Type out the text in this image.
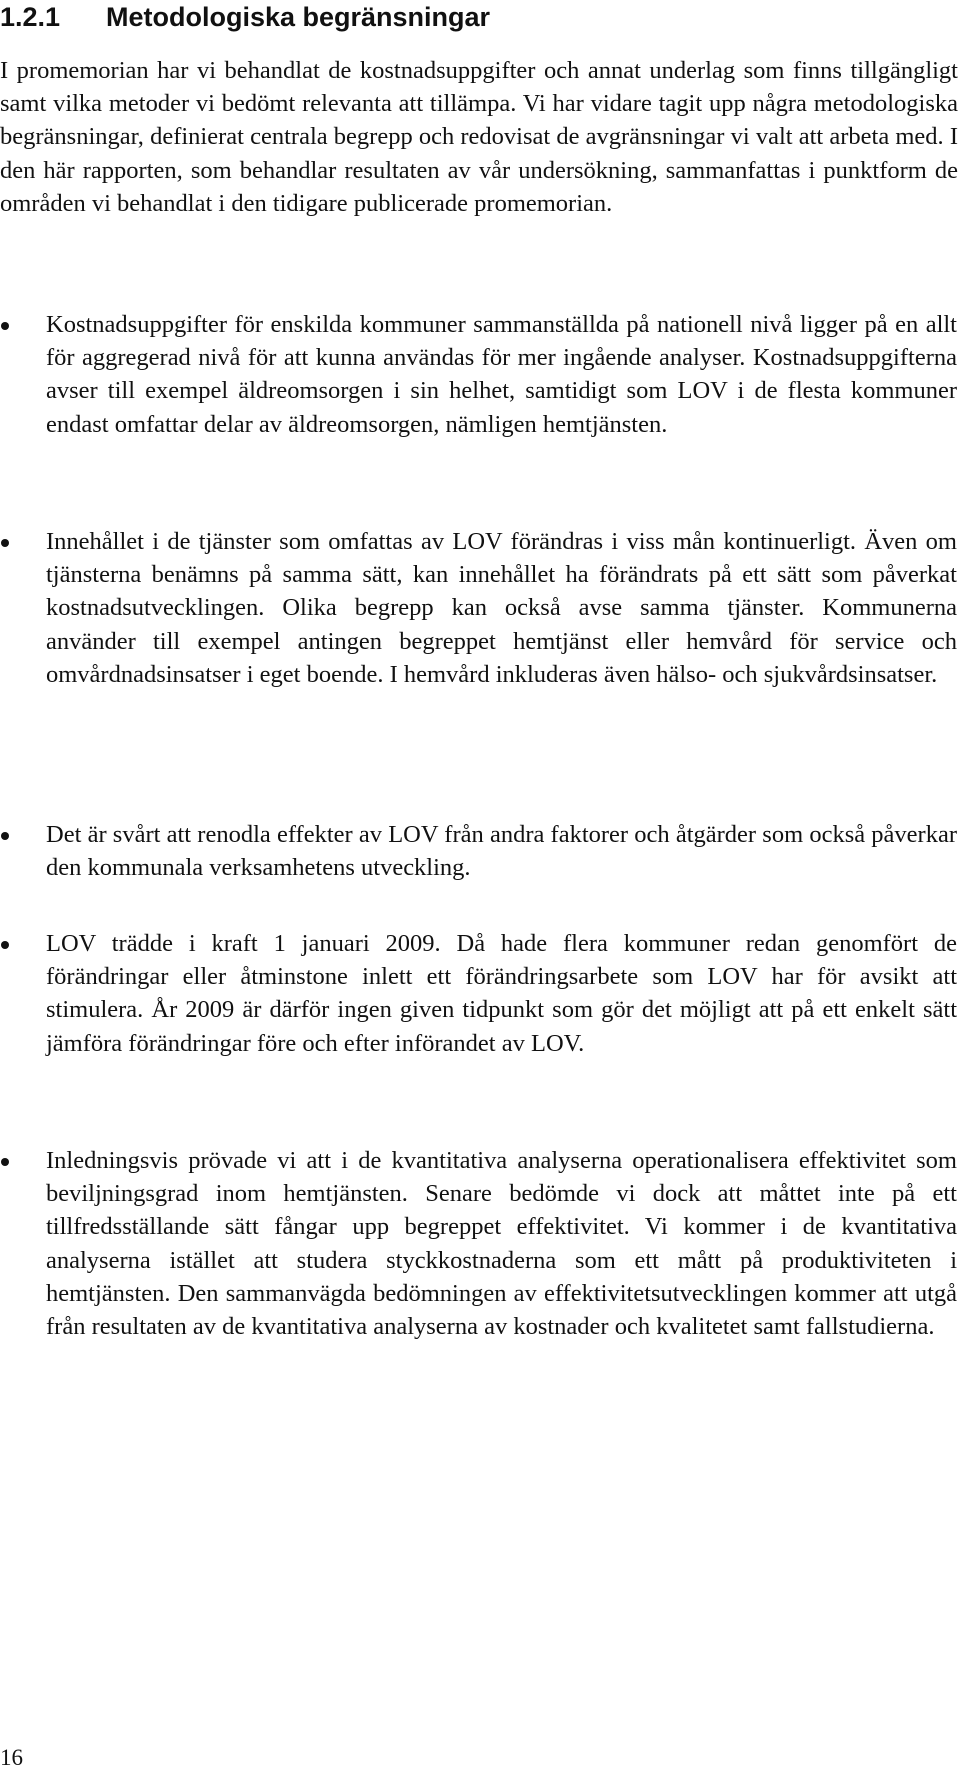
1.2.1 Metodologiska begränsningar

I promemorian har vi behandlat de kostnadsuppgifter och annat underlag som finns tillgängligt samt vilka metoder vi bedömt relevanta att tillämpa. Vi har vidare tagit upp några metodologiska begränsningar, definierat centrala begrepp och redovisat de avgränsningar vi valt att arbeta med. I den här rapporten, som behandlar resultaten av vår undersökning, sammanfattas i punktform de områden vi behandlat i den tidigare publicerade promemorian.

Kostnadsuppgifter för enskilda kommuner sammanställda på nationell nivå ligger på en allt för aggregerad nivå för att kunna användas för mer ingående analyser. Kostnadsuppgifterna avser till exempel äldreomsorgen i sin helhet, samtidigt som LOV i de flesta kommuner endast omfattar delar av äldreomsorgen, nämligen hemtjänsten.

Innehållet i de tjänster som omfattas av LOV förändras i viss mån kontinuerligt. Även om tjänsterna benämns på samma sätt, kan innehållet ha förändrats på ett sätt som påverkat kostnadsutvecklingen. Olika begrepp kan också avse samma tjänster. Kommunerna använder till exempel antingen begreppet hemtjänst eller hemvård för service och omvårdnadsinsatser i eget boende. I hemvård inkluderas även hälso- och sjukvårdsinsatser.

Det är svårt att renodla effekter av LOV från andra faktorer och åtgärder som också påverkar den kommunala verksamhetens utveckling.

LOV trädde i kraft 1 januari 2009. Då hade flera kommuner redan genomfört de förändringar eller åtminstone inlett ett förändringsarbete som LOV har för avsikt att stimulera. År 2009 är därför ingen given tidpunkt som gör det möjligt att på ett enkelt sätt jämföra förändringar före och efter införandet av LOV.

Inledningsvis prövade vi att i de kvantitativa analyserna operationalisera effektivitet som beviljningsgrad inom hemtjänsten. Senare bedömde vi dock att måttet inte på ett tillfredsställande sätt fångar upp begreppet effektivitet. Vi kommer i de kvantitativa analyserna istället att studera styckkostnaderna som ett mått på produktiviteten i hemtjänsten. Den sammanvägda bedömningen av effektivitetsutvecklingen kommer att utgå från resultaten av de kvantitativa analyserna av kostnader och kvalitetet samt fallstudierna.

16
